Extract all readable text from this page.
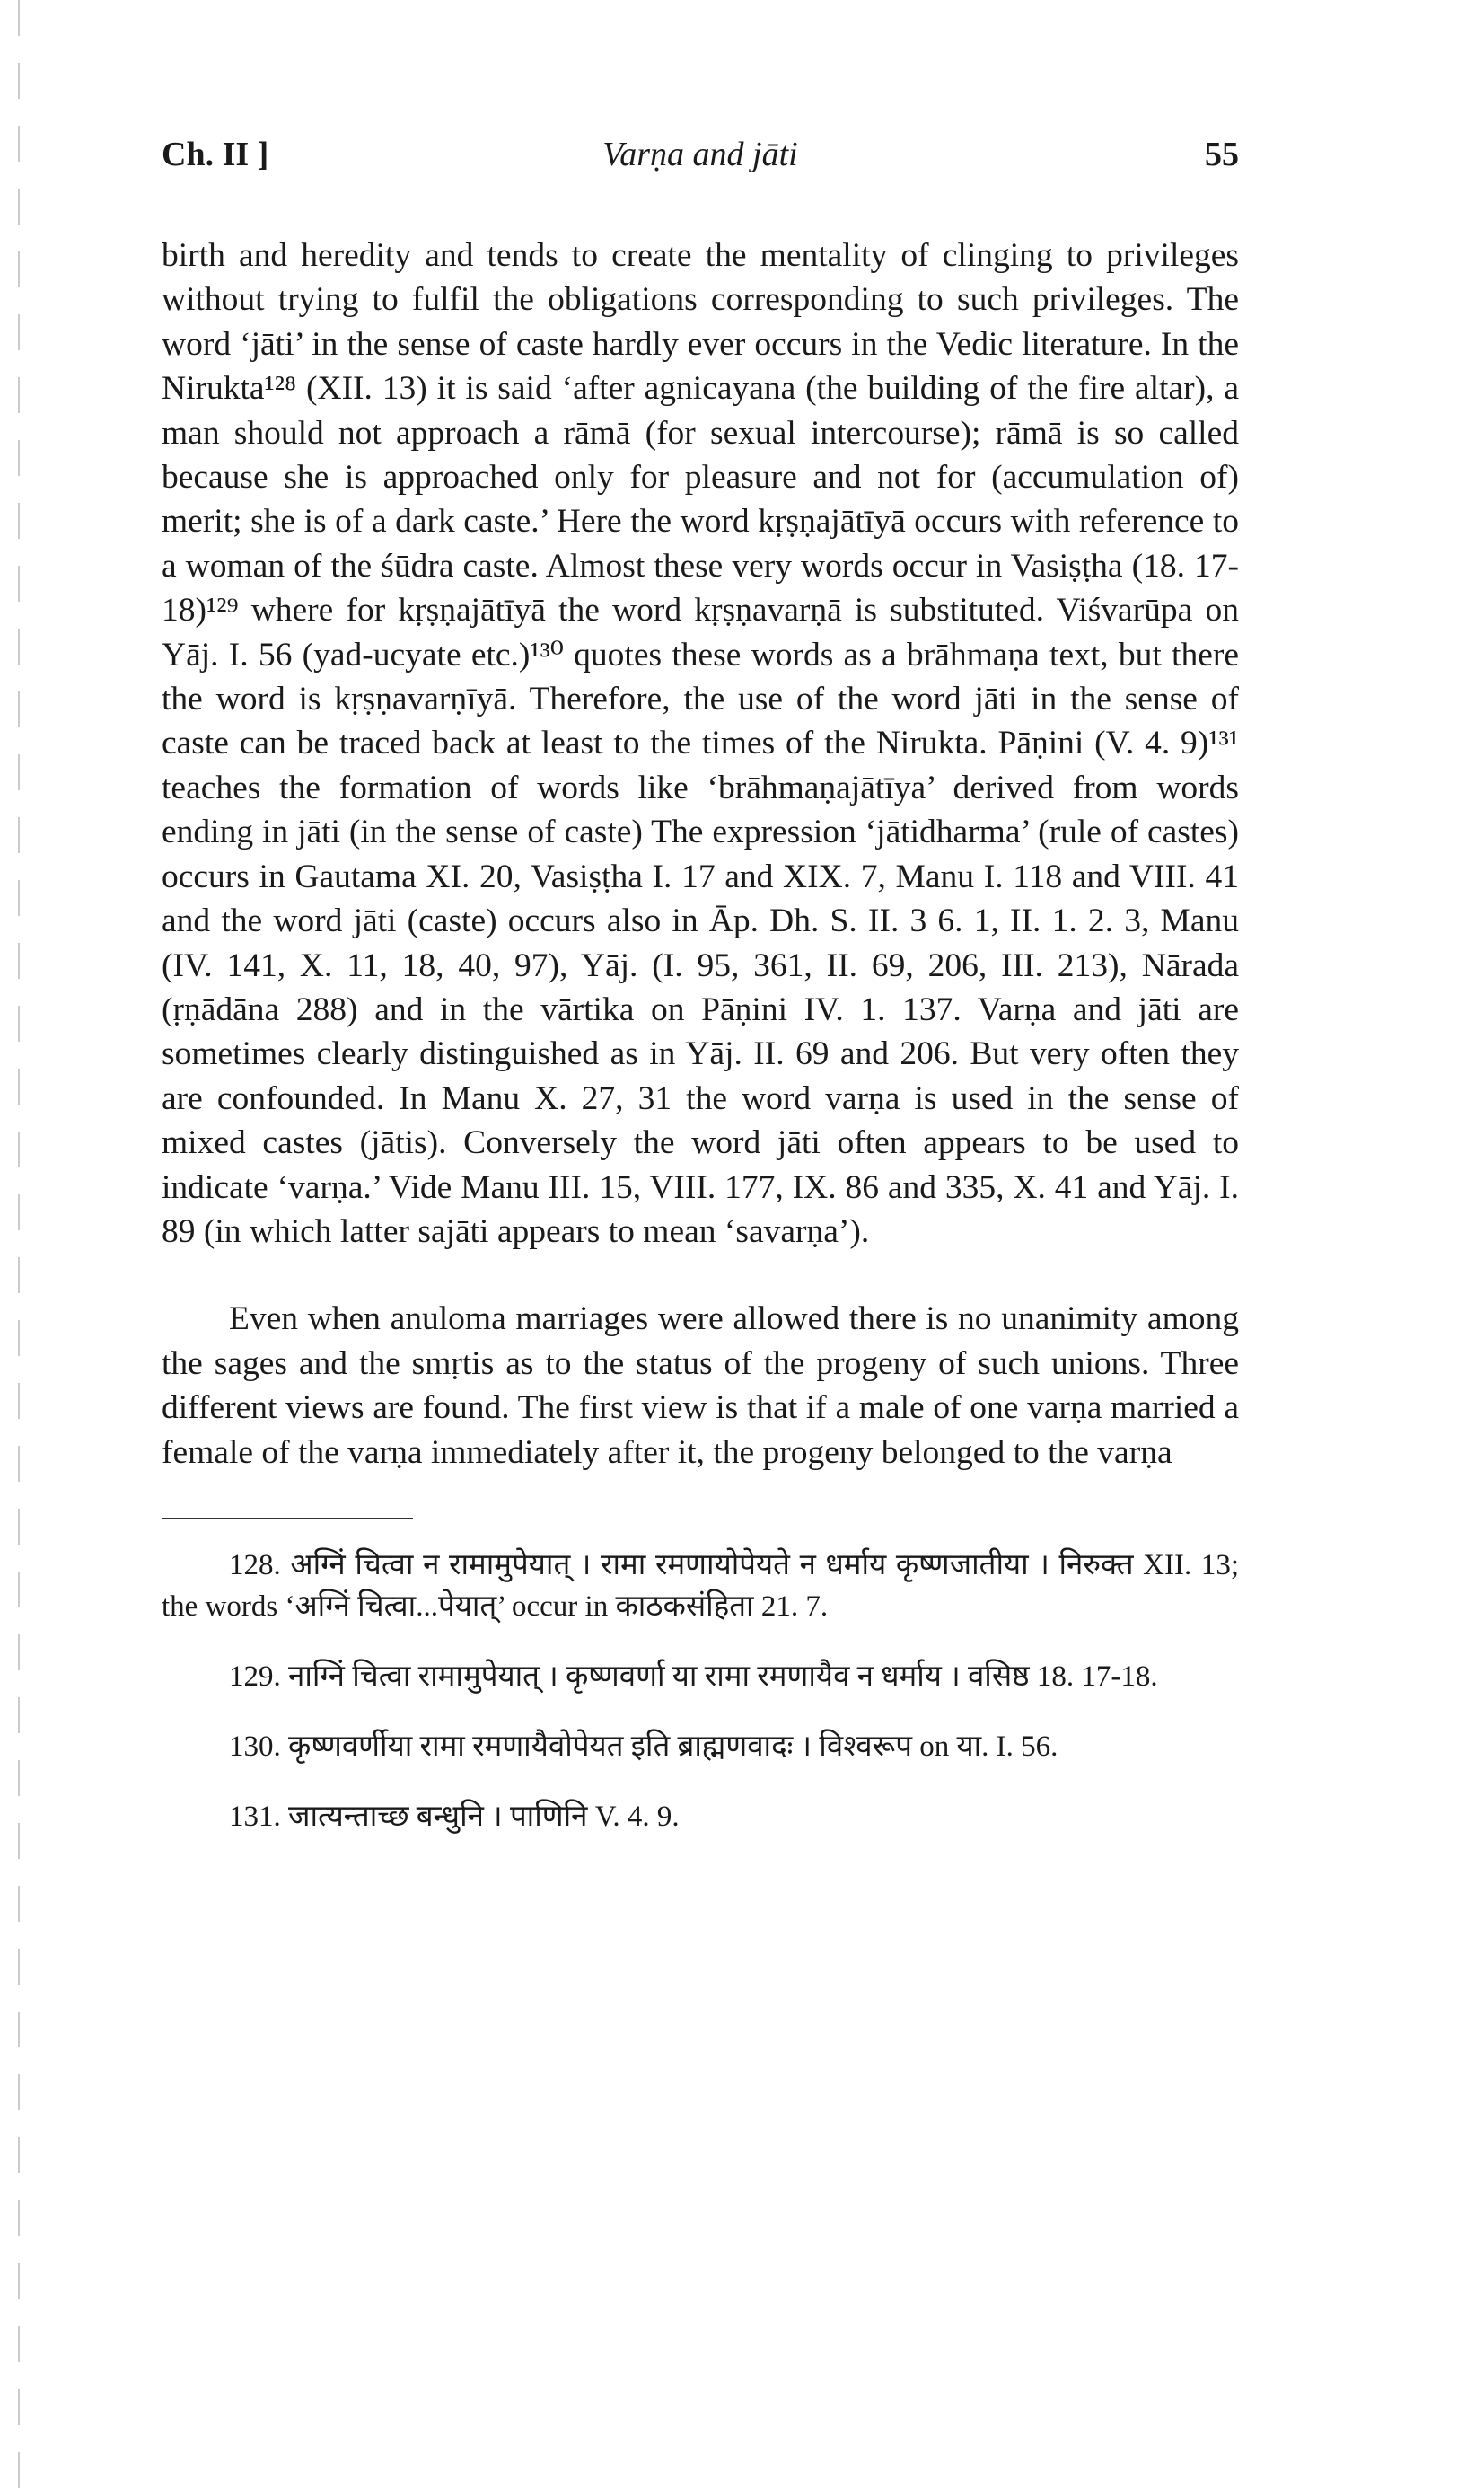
Ch. II ]	Varṇa and jāti	55

birth and heredity and tends to create the mentality of clinging to privileges without trying to fulfil the obligations corresponding to such privileges. The word ‘jāti’ in the sense of caste hardly ever occurs in the Vedic literature. In the Nirukta¹²⁸ (XII. 13) it is said ‘after agnicayana (the building of the fire altar), a man should not approach a rāmā (for sexual intercourse); rāmā is so called because she is approached only for pleasure and not for (accumulation of) merit; she is of a dark caste.’ Here the word kṛṣṇajātīyā occurs with reference to a woman of the śūdra caste. Almost these very words occur in Vasiṣṭha (18. 17-18)¹²⁹ where for kṛṣṇajātīyā the word kṛṣṇavarṇā is substituted. Viśvarūpa on Yāj. I. 56 (yad-ucyate etc.)¹³⁰ quotes these words as a brāhmaṇa text, but there the word is kṛṣṇavarṇīyā. Therefore, the use of the word jāti in the sense of caste can be traced back at least to the times of the Nirukta. Pāṇini (V. 4. 9)¹³¹ teaches the formation of words like ‘brāhmaṇajātīya’ derived from words ending in jāti (in the sense of caste) The expression ‘jātidharma’ (rule of castes) occurs in Gautama XI. 20, Vasiṣṭha I. 17 and XIX. 7, Manu I. 118 and VIII. 41 and the word jāti (caste) occurs also in Āp. Dh. S. II. 3 6. 1, II. 1. 2. 3, Manu (IV. 141, X. 11, 18, 40, 97), Yāj. (I. 95, 361, II. 69, 206, III. 213), Nārada (ṛṇādāna 288) and in the vārtika on Pāṇini IV. 1. 137. Varṇa and jāti are sometimes clearly distinguished as in Yāj. II. 69 and 206. But very often they are confounded. In Manu X. 27, 31 the word varṇa is used in the sense of mixed castes (jātis). Conversely the word jāti often appears to be used to indicate ‘varṇa.’ Vide Manu III. 15, VIII. 177, IX. 86 and 335, X. 41 and Yāj. I. 89 (in which latter sajāti appears to mean ‘savarṇa’).

Even when anuloma marriages were allowed there is no unanimity among the sages and the smṛtis as to the status of the progeny of such unions. Three different views are found. The first view is that if a male of one varṇa married a female of the varṇa immediately after it, the progeny belonged to the varṇa

128. अग्निं चित्वा न रामामुपेयात् । रामा रमणायोपेयते न धर्माय कृष्णजातीया । निरुक्त XII. 13; the words ‘अग्निं चित्वा...पेयात्’ occur in काठकसंहिता 21. 7.

129. नाग्निं चित्वा रामामुपेयात् । कृष्णवर्णा या रामा रमणायैव न धर्माय । वसिष्ठ 18. 17-18.

130. कृष्णवर्णीया रामा रमणायैवोपेयत इति ब्राह्मणवादः । विश्वरूप on या. I. 56.

131. जात्यन्ताच्छ बन्धुनि । पाणिनि V. 4. 9.
